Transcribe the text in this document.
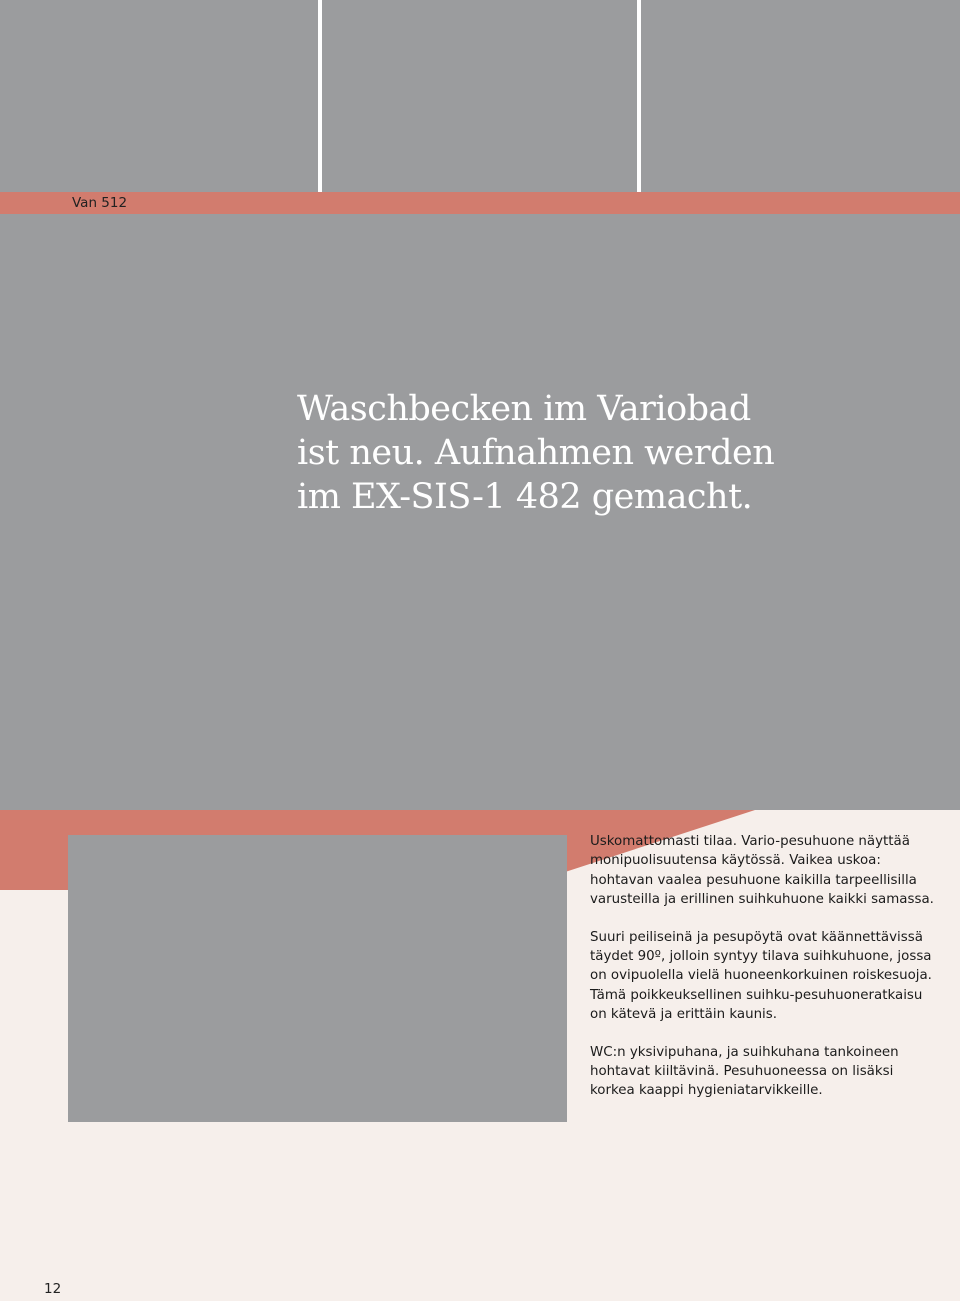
Van 512

Waschbecken im Variobad ist neu. Aufnahmen werden im EX-SIS-1 482 gemacht.

Uskomattomasti tilaa. Vario-pesuhuone näyttää monipuolisuutensa käytössä. Vaikea uskoa: hohtavan vaalea pesuhuone kaikilla tarpeellisilla varusteilla ja erillinen suihkuhuone kaikki samassa.

Suuri peiliseinä ja pesupöytä ovat käännettävissä täydet 90º, jolloin syntyy tilava suihkuhuone, jossa on ovipuolella vielä huoneenkorkuinen roiskesuoja. Tämä poikkeuksellinen suihku-pesuhuoneratkaisu on kätevä ja erittäin kaunis.

WC:n yksivipuhana, ja suihkuhana tankoineen hohtavat kiiltävinä. Pesuhuoneessa on lisäksi korkea kaappi hygieniatarvikkeille.

12
